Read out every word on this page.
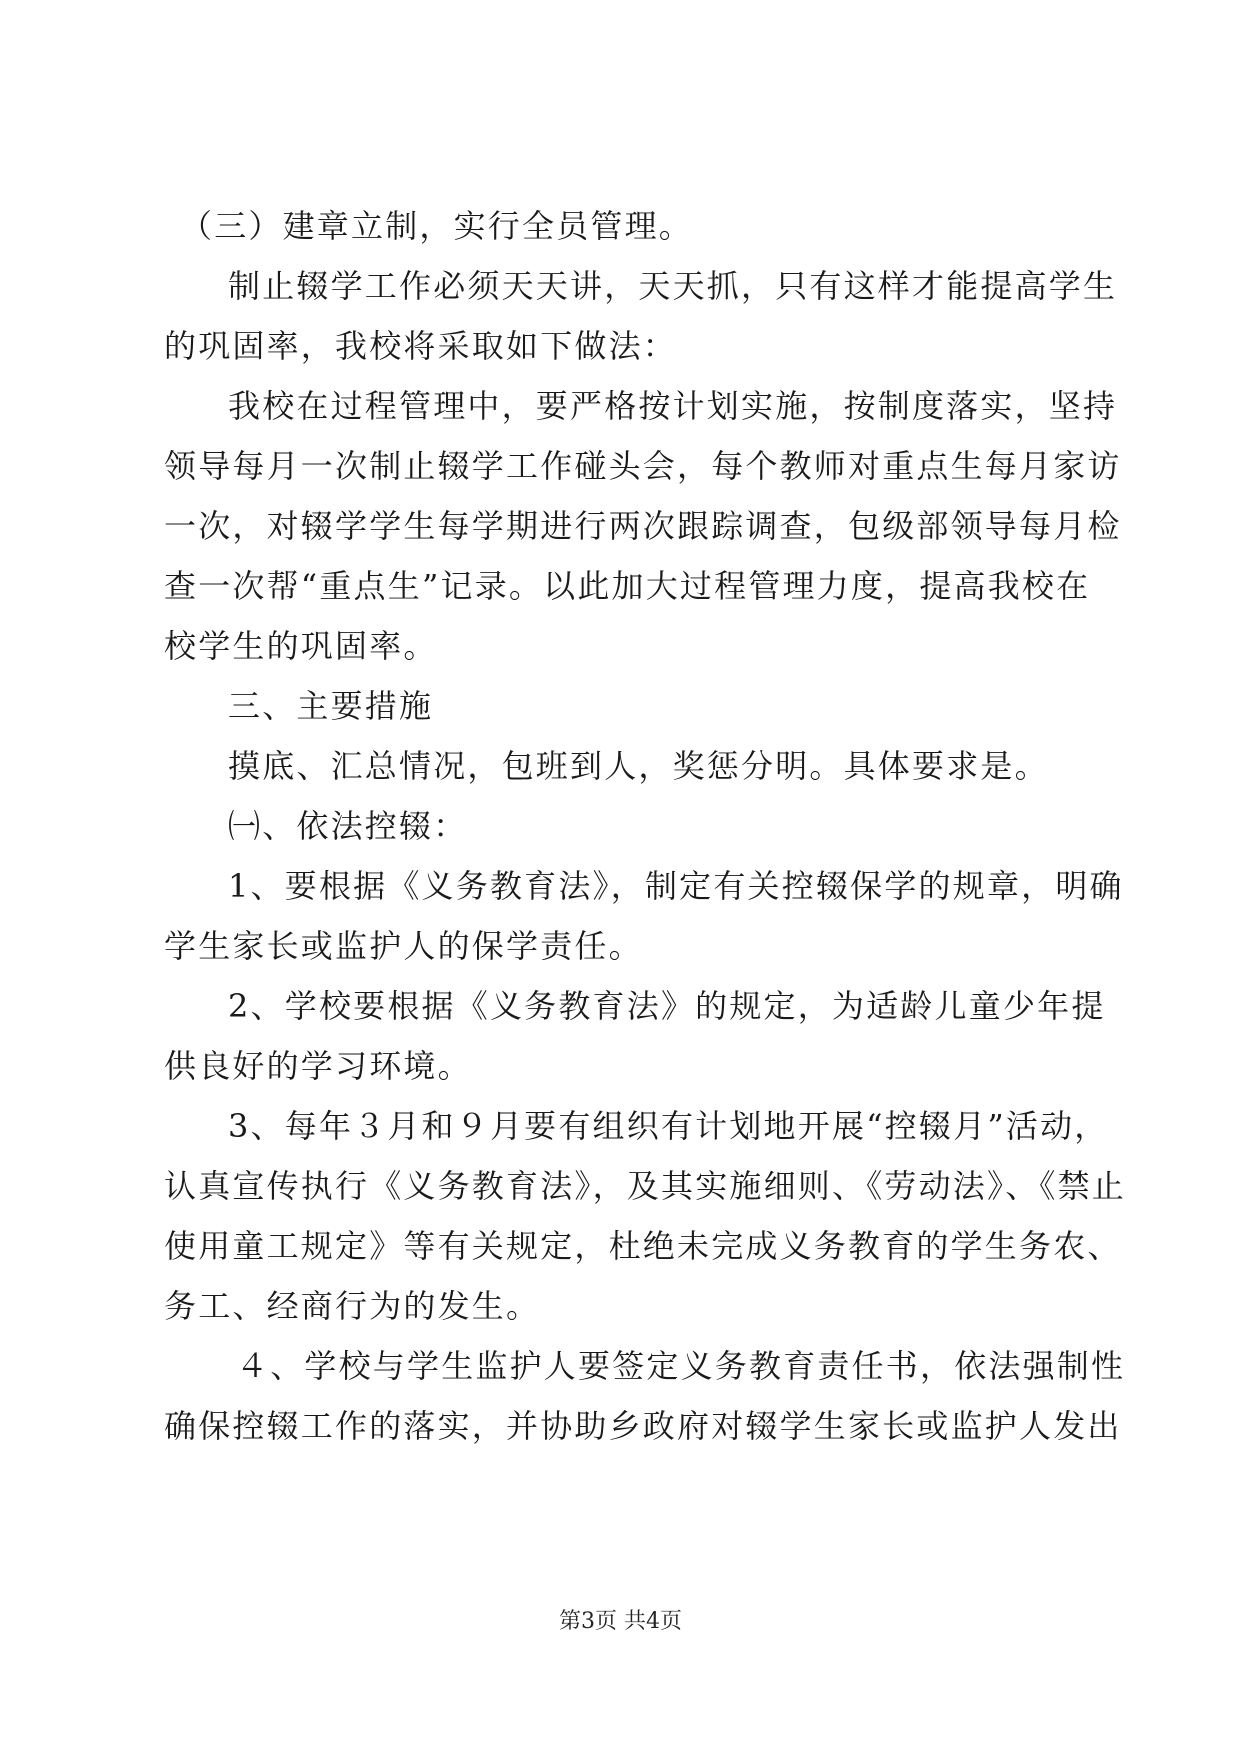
（三）建章立制，实行全员管理。
制止辍学工作必须天天讲，天天抓，只有这样才能提高学生
的巩固率，我校将采取如下做法：
我校在过程管理中，要严格按计划实施，按制度落实，坚持
领导每月一次制止辍学工作碰头会，每个教师对重点生每月家访
一次，对辍学学生每学期进行两次跟踪调查，包级部领导每月检
查一次帮“重点生”记录。以此加大过程管理力度，提高我校在
校学生的巩固率。
三、主要措施
摸底、汇总情况，包班到人，奖惩分明。具体要求是。
㈠、依法控辍：
1、要根据《义务教育法》，制定有关控辍保学的规章，明确
学生家长或监护人的保学责任。
2、学校要根据《义务教育法》的规定，为适龄儿童少年提
供良好的学习环境。
3、每年３月和９月要有组织有计划地开展“控辍月”活动，
认真宣传执行《义务教育法》，及其实施细则、《劳动法》、《禁止
使用童工规定》等有关规定，杜绝未完成义务教育的学生务农、
务工、经商行为的发生。
４、学校与学生监护人要签定义务教育责任书，依法强制性
确保控辍工作的落实，并协助乡政府对辍学生家长或监护人发出
第3页 共4页
